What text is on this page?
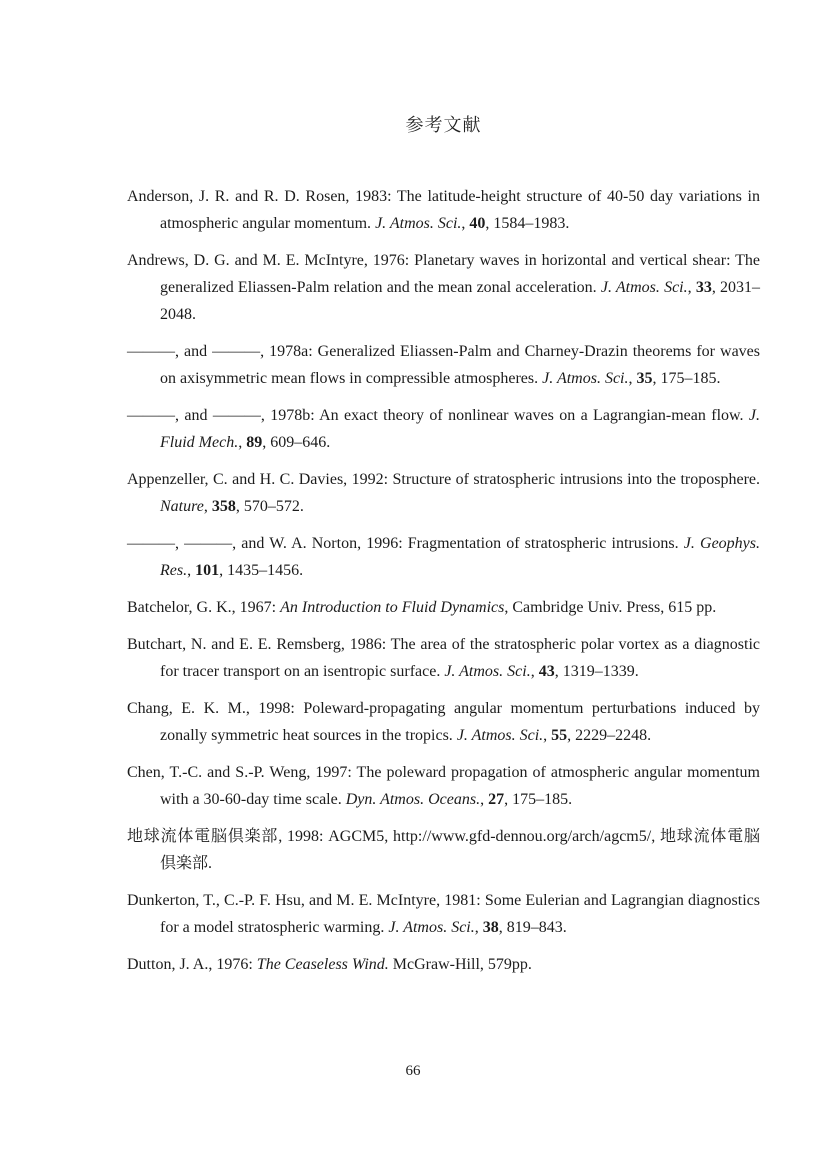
参考文献

Anderson, J. R. and R. D. Rosen, 1983: The latitude-height structure of 40-50 day variations in atmospheric angular momentum. J. Atmos. Sci., 40, 1584–1983.

Andrews, D. G. and M. E. McIntyre, 1976: Planetary waves in horizontal and vertical shear: The generalized Eliassen-Palm relation and the mean zonal acceleration. J. Atmos. Sci., 33, 2031–2048.

———, and ———, 1978a: Generalized Eliassen-Palm and Charney-Drazin theorems for waves on axisymmetric mean flows in compressible atmospheres. J. Atmos. Sci., 35, 175–185.

———, and ———, 1978b: An exact theory of nonlinear waves on a Lagrangian-mean flow. J. Fluid Mech., 89, 609–646.

Appenzeller, C. and H. C. Davies, 1992: Structure of stratospheric intrusions into the troposphere. Nature, 358, 570–572.

———, ———, and W. A. Norton, 1996: Fragmentation of stratospheric intrusions. J. Geophys. Res., 101, 1435–1456.

Batchelor, G. K., 1967: An Introduction to Fluid Dynamics, Cambridge Univ. Press, 615 pp.

Butchart, N. and E. E. Remsberg, 1986: The area of the stratospheric polar vortex as a diagnostic for tracer transport on an isentropic surface. J. Atmos. Sci., 43, 1319–1339.

Chang, E. K. M., 1998: Poleward-propagating angular momentum perturbations induced by zonally symmetric heat sources in the tropics. J. Atmos. Sci., 55, 2229–2248.

Chen, T.-C. and S.-P. Weng, 1997: The poleward propagation of atmospheric angular momentum with a 30-60-day time scale. Dyn. Atmos. Oceans., 27, 175–185.

地球流体電脳倶楽部, 1998: AGCM5, http://www.gfd-dennou.org/arch/agcm5/, 地球流体電脳倶楽部.

Dunkerton, T., C.-P. F. Hsu, and M. E. McIntyre, 1981: Some Eulerian and Lagrangian diagnostics for a model stratospheric warming. J. Atmos. Sci., 38, 819–843.

Dutton, J. A., 1976: The Ceaseless Wind. McGraw-Hill, 579pp.

66
